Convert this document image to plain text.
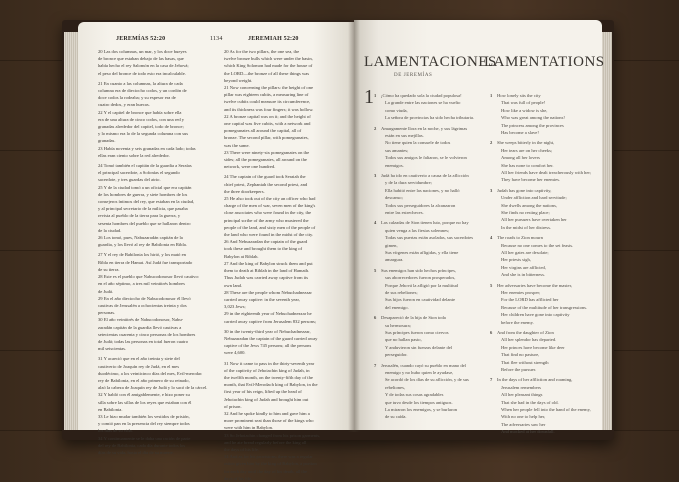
JEREMÍAS 52:20	1134	JEREMIAH 52:20
20 Las dos columnas, un mar, y los doce bueyes
de bronce que estaban debajo de las basas, que
había hecho el rey Salomón en la casa de Jehová;
el peso del bronce de todo esto era incalculable.
21 En cuanto a las columnas, la altura de cada
columna era de dieciocho codos, y un cordón de
doce codos la rodeaba; y su espesor era de
cuatro dedos, y eran huecas.
22 Y el capitel de bronce que había sobre ella
era de una altura de cinco codos, con una red y
granadas alrededor del capitel, todo de bronce;
y lo mismo era lo de la segunda columna con sus
granadas.
23 Había noventa y seis granadas en cada lado; todas
ellas eran ciento sobre la red alrededor.
24 Tomó también el capitán de la guardia a Seraías
el principal sacerdote, a Sofonías el segundo
sacerdote, y tres guardas del atrio.
25 Y de la ciudad tomó a un oficial que era capitán
de los hombres de guerra, y siete hombres de los
consejeros íntimos del rey, que estaban en la ciudad,
y al principal secretario de la milicia, que pasaba
revista al pueblo de la tierra para la guerra, y
sesenta hombres del pueblo que se hallaron dentro
de la ciudad.
26 Los tomó, pues, Nabuzaradán capitán de la
guardia, y los llevó al rey de Babilonia en Ribla.
27 Y el rey de Babilonia los hirió, y los mató en
Ribla en tierra de Hamat. Así Judá fue transportado
de su tierra.
28 Este es el pueblo que Nabucodonosor llevó cautivo:
en el año séptimo, a tres mil veintitrés hombres
de Judá.
29 En el año dieciocho de Nabucodonosor él llevó
cautivas de Jerusalén a ochocientas treinta y dos
personas.
30 El año veintitrés de Nabucodonosor, Nabu-
zaradán capitán de la guardia llevó cautivas a
setecientas cuarenta y cinco personas de los hombres
de Judá; todas las personas en total fueron cuatro
mil seiscientas.
31 Y acaeció que en el año treinta y siete del
cautiverio de Joaquín rey de Judá, en el mes
duodécimo, a los veinticinco días del mes, Evil-merodac
rey de Babilonia, en el año primero de su reinado,
alzó la cabeza de Joaquín rey de Judá y lo sacó de la cárcel.
32 Y habló con él amigablemente, e hizo poner su
silla sobre las sillas de los reyes que estaban con él
en Babilonia.
33 Le hizo mudar también los vestidos de prisión,
y comió pan en la presencia del rey siempre todos
los días de su vida.
34 Y continuamente se le daba una ración de parte
del rey de Babilonia, cada día durante todos los
días de su vida, hasta el día de su muerte.
20 As for the two pillars, the one sea, the
twelve bronze bulls which were under the basin,
which King Solomon had made for the house of
the LORD—the bronze of all these things was
beyond weight.
21 Now concerning the pillars: the height of one
pillar was eighteen cubits, a measuring line of
twelve cubits could measure its circumference,
and its thickness was four fingers; it was hollow.
22 A bronze capital was on it; and the height of
one capital was five cubits, with a network and
pomegranates all around the capital, all of
bronze. The second pillar, with pomegranates,
was the same.
23 There were ninety-six pomegranates on the
sides; all the pomegranates, all around on the
network, were one hundred.
24 The captain of the guard took Seraiah the
chief priest, Zephaniah the second priest, and
the three doorkeepers.
25 He also took out of the city an officer who had
charge of the men of war, seven men of the king's
close associates who were found in the city, the
principal scribe of the army who mustered the
people of the land, and sixty men of the people of
the land who were found in the midst of the city.
26 And Nebuzaradan the captain of the guard
took these and brought them to the king of
Babylon at Riblah.
27 And the king of Babylon struck them and put
them to death at Riblah in the land of Hamath.
Thus Judah was carried away captive from its
own land.
28 These are the people whom Nebuchadnezzar
carried away captive: in the seventh year,
3,023 Jews;
29 in the eighteenth year of Nebuchadnezzar he
carried away captive from Jerusalem 832 persons;
30 in the twenty-third year of Nebuchadnezzar,
Nebuzaradan the captain of the guard carried away
captive of the Jews 745 persons; all the persons
were 4,600.
31 Now it came to pass in the thirty-seventh year
of the captivity of Jehoiachin king of Judah, in
the twelfth month, on the twenty-fifth day of the
month, that Evil-Merodach king of Babylon, in the
first year of his reign, lifted up the head of
Jehoiachin king of Judah and brought him out
of prison.
32 And he spoke kindly to him and gave him a
more prominent seat than those of the kings who
were with him in Babylon.
33 So Jehoiachin changed from his prison garments,
and he ate bread regularly before the king all
the days of his life.
34 And as for his provisions, there was a regular
ration given him by the king of Babylon, a portion
for each day until the day of his death, all the
days of his life.
LAMENTACIONES
DE JEREMÍAS
LAMENTATIONS
1 1 ¡Cómo ha quedado sola la ciudad populosa!
La grande entre las naciones se ha vuelto
como viuda,
La señora de provincias ha sido hecha tributaria.
2 Amargamente llora en la noche, y sus lágrimas
están en sus mejillas.
No tiene quien la consuele de todos
sus amantes;
Todos sus amigos le faltaron, se le volvieron
enemigos.
3 Judá ha ido en cautiverio a causa de la aflicción
y de la dura servidumbre;
Ella habitó entre las naciones, y no halló
descanso;
Todos sus perseguidores la alcanzaron
entre las estrecheces.
4 Las calzadas de Sion tienen luto, porque no hay
quien venga a las fiestas solemnes;
Todas sus puertas están asoladas, sus sacerdotes
gimen,
Sus vírgenes están afligidas, y ella tiene
amargura.
5 Sus enemigos han sido hechos príncipes,
sus aborrecedores fueron prosperados,
Porque Jehová la afligió por la multitud
de sus rebeliones;
Sus hijos fueron en cautividad delante
del enemigo.
6 Desapareció de la hija de Sion toda
su hermosura;
Sus príncipes fueron como ciervos
que no hallan pasto,
Y anduvieron sin fuerzas delante del
perseguidor.
7 Jerusalén, cuando cayó su pueblo en mano del
enemigo y no hubo quien le ayudase,
Se acordó de los días de su aflicción, y de sus
rebeliones,
Y de todas sus cosas agradables
que tuvo desde los tiempos antiguos.
La miraron los enemigos, y se burlaron
de su caída.
1 How lonely sits the city
That was full of people!
How like a widow is she,
Who was great among the nations!
The princess among the provinces
Has become a slave!
2 She weeps bitterly in the night,
Her tears are on her cheeks;
Among all her lovers
She has none to comfort her.
All her friends have dealt treacherously with her;
They have become her enemies.
3 Judah has gone into captivity,
Under affliction and hard servitude;
She dwells among the nations,
She finds no resting place;
All her pursuers have overtaken her
In the midst of her distress.
4 The roads to Zion mourn
Because no one comes to the set feasts.
All her gates are desolate;
Her priests sigh,
Her virgins are afflicted,
And she is in bitterness.
5 Her adversaries have become the master,
Her enemies prosper;
For the LORD has afflicted her
Because of the multitude of her transgressions.
Her children have gone into captivity
before the enemy.
6 And from the daughter of Zion
All her splendor has departed.
Her princes have become like deer
That find no pasture,
That flee without strength
Before the pursuer.
7 In the days of her affliction and roaming,
Jerusalem remembers
All her pleasant things
That she had in the days of old.
When her people fell into the hand of the enemy,
With no one to help her,
The adversaries saw her
And mocked at her downfall.
